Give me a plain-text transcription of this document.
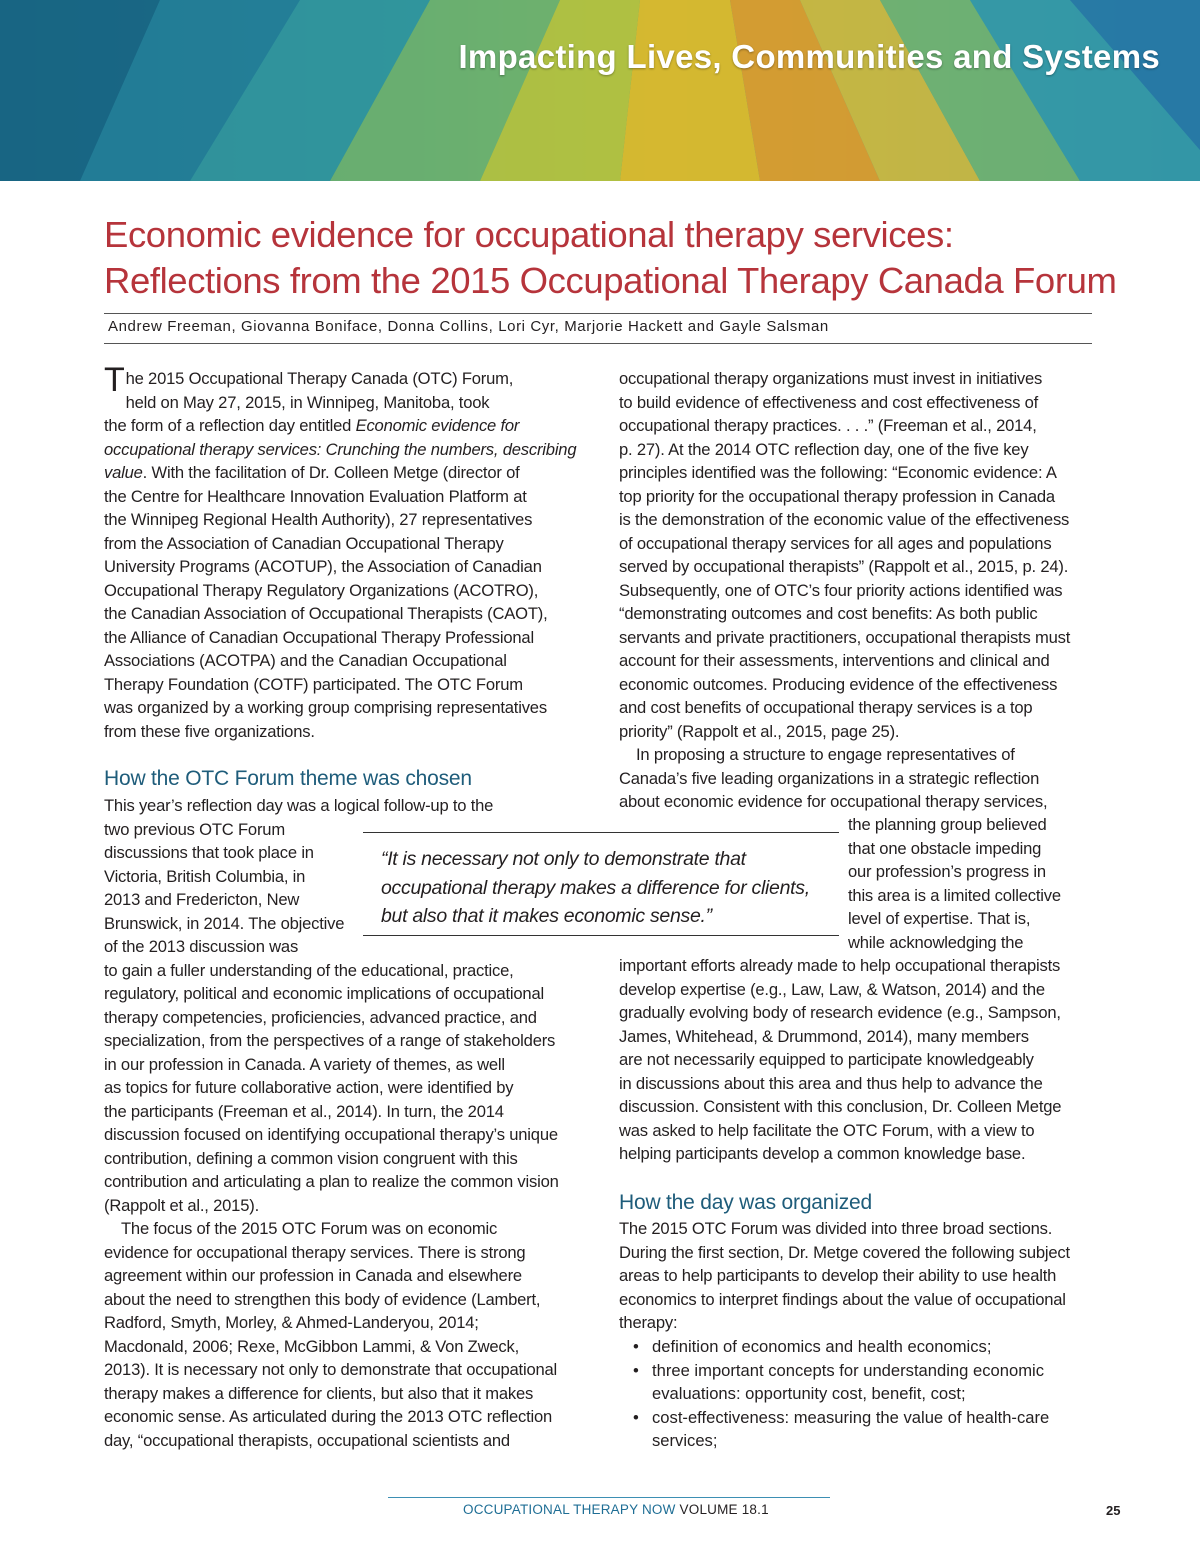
Impacting Lives, Communities and Systems
Economic evidence for occupational therapy services:
Reflections from the 2015 Occupational Therapy Canada Forum
Andrew Freeman, Giovanna Boniface, Donna Collins, Lori Cyr, Marjorie Hackett and Gayle Salsman
T he 2015 Occupational Therapy Canada (OTC) Forum,
held on May 27, 2015, in Winnipeg, Manitoba, took
the form of a reflection day entitled Economic evidence for
occupational therapy services: Crunching the numbers, describing
value. With the facilitation of Dr. Colleen Metge (director of
the Centre for Healthcare Innovation Evaluation Platform at
the Winnipeg Regional Health Authority), 27 representatives
from the Association of Canadian Occupational Therapy
University Programs (ACOTUP), the Association of Canadian
Occupational Therapy Regulatory Organizations (ACOTRO),
the Canadian Association of Occupational Therapists (CAOT),
the Alliance of Canadian Occupational Therapy Professional
Associations (ACOTPA) and the Canadian Occupational
Therapy Foundation (COTF) participated. The OTC Forum
was organized by a working group comprising representatives
from these five organizations.
How the OTC Forum theme was chosen
This year’s reflection day was a logical follow-up to the
two previous OTC Forum
discussions that took place in
Victoria, British Columbia, in
2013 and Fredericton, New
Brunswick, in 2014. The objective
of the 2013 discussion was
to gain a fuller understanding of the educational, practice,
regulatory, political and economic implications of occupational
therapy competencies, proficiencies, advanced practice, and
specialization, from the perspectives of a range of stakeholders
in our profession in Canada. A variety of themes, as well
as topics for future collaborative action, were identified by
the participants (Freeman et al., 2014). In turn, the 2014
discussion focused on identifying occupational therapy’s unique
contribution, defining a common vision congruent with this
contribution and articulating a plan to realize the common vision
(Rappolt et al., 2015).
The focus of the 2015 OTC Forum was on economic
evidence for occupational therapy services. There is strong
agreement within our profession in Canada and elsewhere
about the need to strengthen this body of evidence (Lambert,
Radford, Smyth, Morley, & Ahmed-Landeryou, 2014;
Macdonald, 2006; Rexe, McGibbon Lammi, & Von Zweck,
2013). It is necessary not only to demonstrate that occupational
therapy makes a difference for clients, but also that it makes
economic sense. As articulated during the 2013 OTC reflection
day, “occupational therapists, occupational scientists and
occupational therapy organizations must invest in initiatives
to build evidence of effectiveness and cost effectiveness of
occupational therapy practices. . . .” (Freeman et al., 2014,
p. 27). At the 2014 OTC reflection day, one of the five key
principles identified was the following: “Economic evidence: A
top priority for the occupational therapy profession in Canada
is the demonstration of the economic value of the effectiveness
of occupational therapy services for all ages and populations
served by occupational therapists” (Rappolt et al., 2015, p. 24).
Subsequently, one of OTC’s four priority actions identified was
“demonstrating outcomes and cost benefits: As both public
servants and private practitioners, occupational therapists must
account for their assessments, interventions and clinical and
economic outcomes. Producing evidence of the effectiveness
and cost benefits of occupational therapy services is a top
priority” (Rappolt et al., 2015, page 25).
In proposing a structure to engage representatives of
Canada’s five leading organizations in a strategic reflection
about economic evidence for occupational therapy services,
the planning group believed
that one obstacle impeding
our profession’s progress in
this area is a limited collective
level of expertise. That is,
while acknowledging the
important efforts already made to help occupational therapists
develop expertise (e.g., Law, Law, & Watson, 2014) and the
gradually evolving body of research evidence (e.g., Sampson,
James, Whitehead, & Drummond, 2014), many members
are not necessarily equipped to participate knowledgeably
in discussions about this area and thus help to advance the
discussion. Consistent with this conclusion, Dr. Colleen Metge
was asked to help facilitate the OTC Forum, with a view to
helping participants develop a common knowledge base.
How the day was organized
The 2015 OTC Forum was divided into three broad sections.
During the first section, Dr. Metge covered the following subject
areas to help participants to develop their ability to use health
economics to interpret findings about the value of occupational
therapy:
• definition of economics and health economics;
• three important concepts for understanding economic
evaluations: opportunity cost, benefit, cost;
• cost-effectiveness: measuring the value of health-care
services;
“It is necessary not only to demonstrate that
occupational therapy makes a difference for clients,
but also that it makes economic sense.”
OCCUPATIONAL THERAPY NOW VOLUME 18.1	25
